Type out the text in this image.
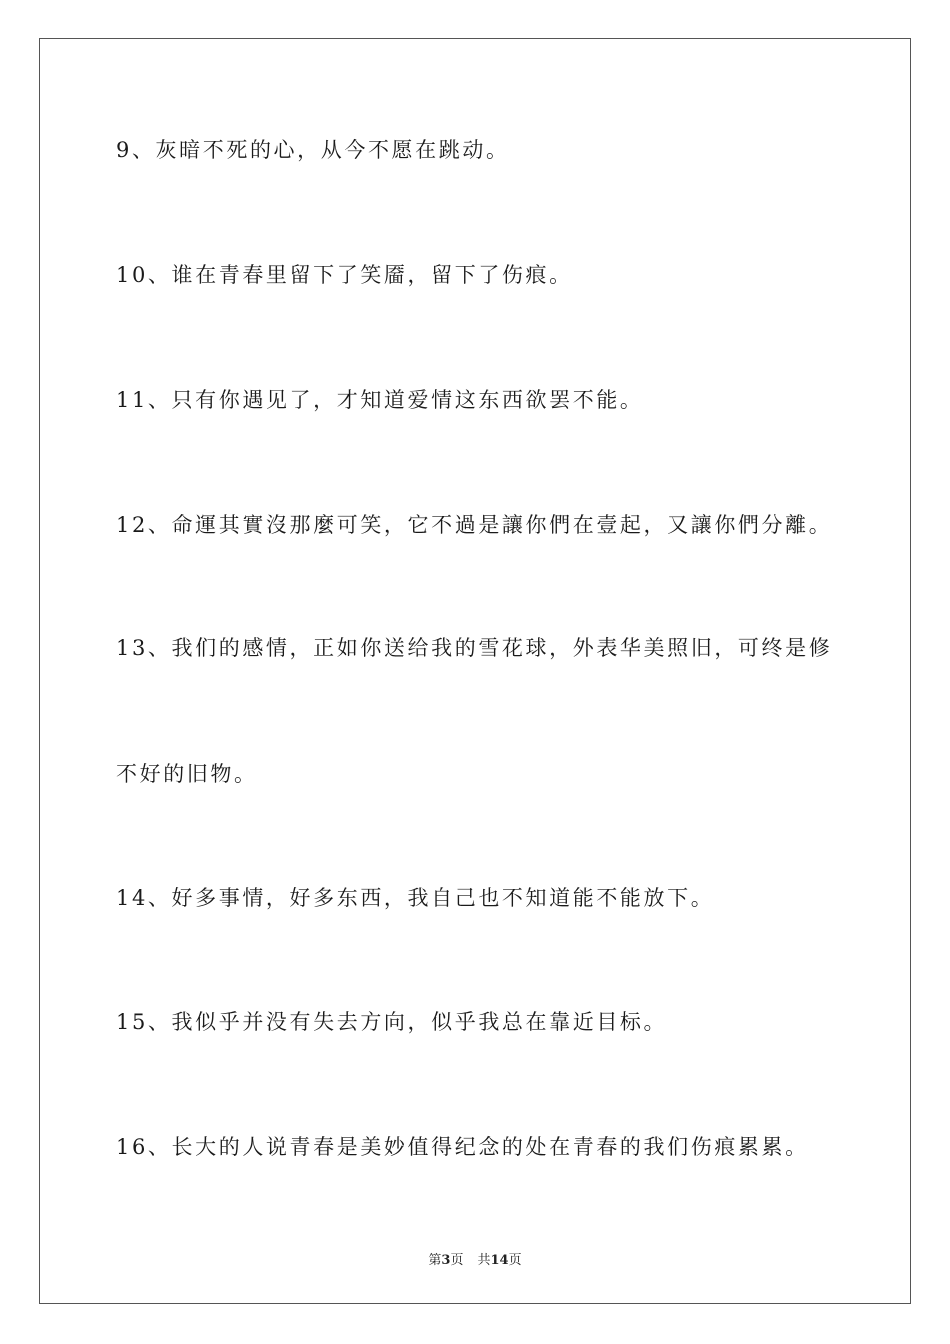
9、灰暗不死的心，从今不愿在跳动。
10、谁在青春里留下了笑靥，留下了伤痕。
11、只有你遇见了，才知道爱情这东西欲罢不能。
12、命運其實沒那麼可笑，它不過是讓你們在壹起，又讓你們分離。
13、我们的感情，正如你送给我的雪花球，外表华美照旧，可终是修
不好的旧物。
14、好多事情，好多东西，我自己也不知道能不能放下。
15、我似乎并没有失去方向，似乎我总在靠近目标。
16、长大的人说青春是美妙值得纪念的处在青春的我们伤痕累累。
第3页 共14页
